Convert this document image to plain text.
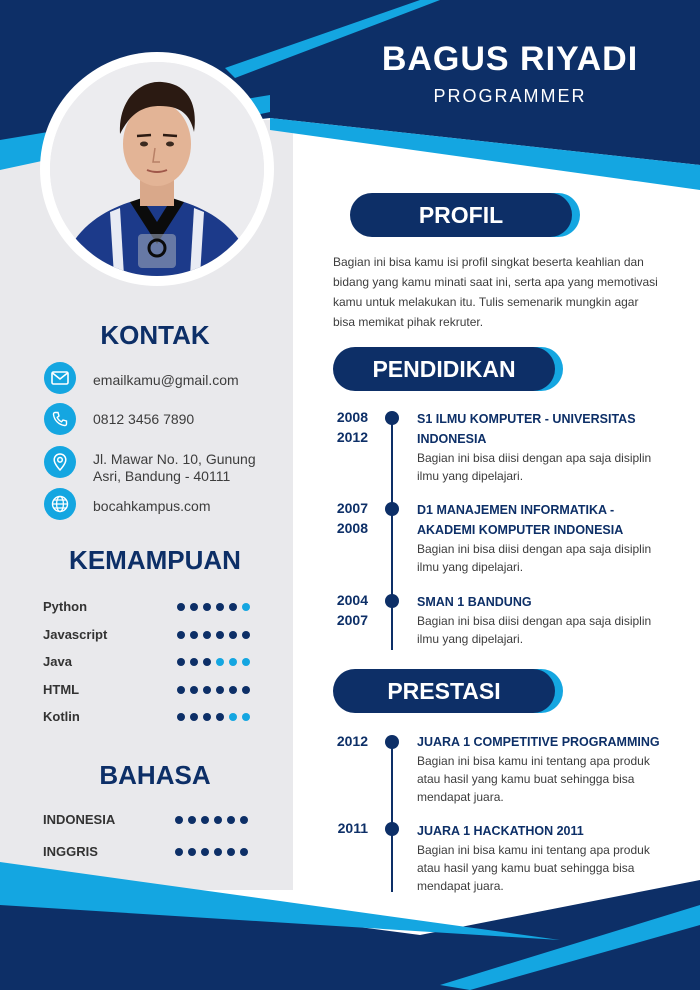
BAGUS RIYADI
PROGRAMMER
KONTAK
emailkamu@gmail.com
0812 3456 7890
Jl. Mawar No. 10, Gunung
Asri, Bandung - 40111
bocahkampus.com
KEMAMPUAN
Python
Javascript
Java
HTML
Kotlin
BAHASA
INDONESIA
INGGRIS
PROFIL
Bagian ini bisa kamu isi profil singkat beserta keahlian dan
bidang yang kamu minati saat ini, serta apa yang memotivasi
kamu untuk melakukan itu. Tulis semenarik mungkin agar
bisa memikat pihak rekruter.
PENDIDIKAN
2008
2012
S1 ILMU KOMPUTER - UNIVERSITAS
INDONESIA
Bagian ini bisa diisi dengan apa saja disiplin
ilmu yang dipelajari.
2007
2008
D1 MANAJEMEN INFORMATIKA -
AKADEMI KOMPUTER INDONESIA
Bagian ini bisa diisi dengan apa saja disiplin
ilmu yang dipelajari.
2004
2007
SMAN 1 BANDUNG
Bagian ini bisa diisi dengan apa saja disiplin
ilmu yang dipelajari.
PRESTASI
2012	JUARA 1 COMPETITIVE PROGRAMMING
Bagian ini bisa kamu ini tentang apa produk
atau hasil yang kamu buat sehingga bisa
mendapat juara.
2011	JUARA 1 HACKATHON 2011
Bagian ini bisa kamu ini tentang apa produk
atau hasil yang kamu buat sehingga bisa
mendapat juara.
